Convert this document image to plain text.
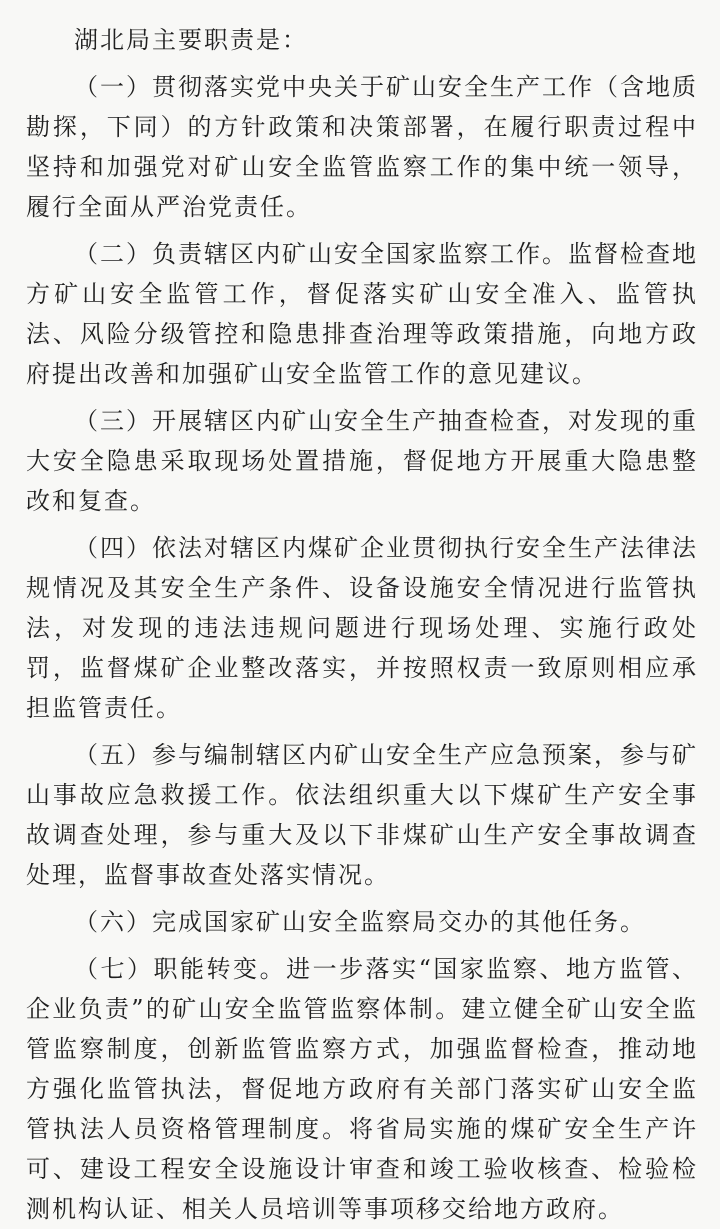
湖北局主要职责是：

（一）贯彻落实党中央关于矿山安全生产工作（含地质勘探，下同）的方针政策和决策部署，在履行职责过程中坚持和加强党对矿山安全监管监察工作的集中统一领导，履行全面从严治党责任。

（二）负责辖区内矿山安全国家监察工作。监督检查地方矿山安全监管工作，督促落实矿山安全准入、监管执法、风险分级管控和隐患排查治理等政策措施，向地方政府提出改善和加强矿山安全监管工作的意见建议。

（三）开展辖区内矿山安全生产抽查检查，对发现的重大安全隐患采取现场处置措施，督促地方开展重大隐患整改和复查。

（四）依法对辖区内煤矿企业贯彻执行安全生产法律法规情况及其安全生产条件、设备设施安全情况进行监管执法，对发现的违法违规问题进行现场处理、实施行政处罚，监督煤矿企业整改落实，并按照权责一致原则相应承担监管责任。

（五）参与编制辖区内矿山安全生产应急预案，参与矿山事故应急救援工作。依法组织重大以下煤矿生产安全事故调查处理，参与重大及以下非煤矿山生产安全事故调查处理，监督事故查处落实情况。

（六）完成国家矿山安全监察局交办的其他任务。

（七）职能转变。进一步落实“国家监察、地方监管、企业负责”的矿山安全监管监察体制。建立健全矿山安全监管监察制度，创新监管监察方式，加强监督检查，推动地方强化监管执法，督促地方政府有关部门落实矿山安全监管执法人员资格管理制度。将省局实施的煤矿安全生产许可、建设工程安全设施设计审查和竣工验收核查、检验检测机构认证、相关人员培训等事项移交给地方政府。
